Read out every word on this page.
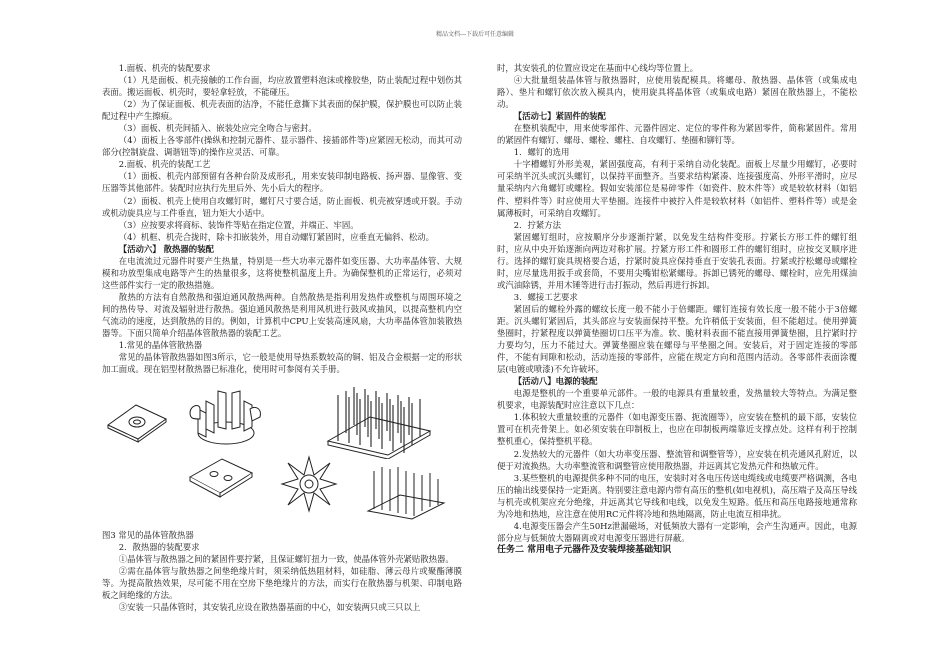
精品文档---下载后可任意编辑

1.面板、机壳的装配要求

（1）凡是面板、机壳接触的工作台面，均应放置塑料泡沫或橡胶垫，防止装配过程中划伤其表面。搬运面板、机壳时，要轻拿轻放，不能碰压。

（2）为了保证面板、机壳表面的洁净，不能任意撕下其表面的保护膜，保护膜也可以防止装配过程中产生擦痕。

（3）面板、机壳间插入、嵌装处应完全吻合与密封。

（4）面板上各零部件(操纵和控制元器件、显示器件、接插部件等)应紧固无松动，而其可动部分(控制旋盘、调谐钮等)的操作应灵活、可靠。

2.面板、机壳的装配工艺

（1）面板、机壳内部预留有各种台阶及成形孔，用来安装印制电路板、扬声器、显像管、变压器等其他部件。装配时应执行先里后外、先小后大的程序。

（2）面板、机壳上使用自攻螺钉时，螺钉尺寸要合适，防止面板、机壳被穿透或开裂。手动或机动旋具应与工件垂直，钮力矩大小适中。

（3）应按要求将商标、装饰件等贴在指定位置，并端正、牢固。

（4）机框、机壳合拢时，除卡扣嵌装外，用自动螺钉紧固时，应垂直无偏斜、松动。

【活动六】 散热器的装配

在电流流过元器件时要产生热量，特别是一些大功率元器件如变压器、大功率晶体管、大规模和功放型集成电路等产生的热量很多，这将使整机温度上升。为确保整机的正常运行，必须对这些部件实行一定的散热措施。

散热的方法有自然散热和强迫通风散热两种。自然散热是指利用发热件或整机与周围环境之间的热传导、对流及辐射进行散热。强迫通风散热是利用风机进行鼓风或抽风，以提高整机内空气流动的速度，达到散热的目的。例如，计算机中CPU上安装高速风扇，大功率晶体管加装散热器等。下面只简单介绍晶体管散热器的装配工艺。

1.常见的晶体管散热器

常见的晶体管散热器如图3所示，它一般是使用导热系数较高的铜、铝及合金根据一定的形状加工面成。现在铝型材散热器已标准化，使用时可参阅有关手册。

图3 常见的晶体管散热器

2．散热器的装配要求

①晶体管与散热器之间的紧固件要拧紧，且保证螺钉扭力一致，使晶体管外壳紧贴散热器。

②需在晶体管与散热器之间垫绝缘片时，须采纳低热阻材料，如硅脂、薄云母片或聚酯薄膜等。为提高散热效果，尽可能不用在空房下垫绝缘片的方法，而实行在散热器与机架、印制电路板之间绝缘的方法。

③安装一只晶体管时，其安装孔应设在散热器基面的中心，如安装两只或三只以上

时，其安装孔的位置应设定在基面中心线均等位置上。

④大批量组装晶体管与散热器时，应使用装配模具。将螺母、散热器、晶体管（或集成电路）、垫片和螺钉依次放入模具内，使用旋具将晶体管（或集成电路）紧固在散热器上，不能松动。

【活动七】紧固件的装配

在整机装配中，用来使零部件、元器件固定、定位的零件称为紧固零件，简称紧固件。常用的紧固件有螺钉、螺母、螺栓、螺柱、自攻螺钉、垫圈和铆钉等。

1．螺钉的选用

十字槽螺钉外形美观，紧固强度高，有利于采纳自动化装配。面板上尽量少用螺钉，必要时可采纳半沉头或沉头螺钉，以保持平面整齐。当要求结构紧凑、连接强度高、外形平滑时，应尽量采纳内六角螺钉或螺栓。假如安装部位是易碎零件（如瓷件、胶木件等）或是较软材料（如铝件、塑料件等）时应使用大平垫圈。连接件中被拧入件是较软材料（如铝件、塑料件等）或是金属薄板时，可采纳自攻螺钉。

2．拧紧方法

紧固螺钉组时，应按顺序分步逐渐拧紧，以免发生结构件变形。拧紧长方形工件的螺钉组时，应从中央开始逐渐向两边对称扩展。拧紧方形工件和圆形工件的螺钉组时，应按交叉顺序进行。选择的螺钉旋具规格要合适，拧紧时旋具应保持垂直于安装孔表面。拧紧或拧松螺母或螺栓时，应尽量选用扳手或套筒，不要用尖嘴钳松紧螺母。拆卸已锈死的螺母、螺栓时，应先用煤油或汽油除锈，并用木锤等进行击打振动，然后再进行拆卸。

3．螺接工艺要求

紧固后的螺栓外露的螺纹长度一般不能小于倍螺距。螺钉连接有效长度一般不能小于3倍螺距。沉头螺钉紧固后，其头部应与安装面保持平整。允许稍低于安装面，但不能超过。使用弹簧垫圈时，拧紧程度以弹簧垫圈切口压平为准。软、脆材料表面不能直接用弹簧垫圈，且拧紧时拧力要均匀，压力不能过大。弹簧垫圈应装在螺母与平垫圈之间。安装后，对于固定连接的零部件，不能有间隙和松动，活动连接的零部件，应能在规定方向和范围内活动。各零部件表面涂覆层(电镀或喷漆)不允许破坏。

【活动八】电源的装配

电源是整机的一个重要单元部件。一般的电源具有重量较重，发热量较大等特点。为满足整机要求，电源装配时应注意以下几点：

1.体积较大重量较重的元器件（如电源变压器、扼流圈等），应安装在整机的最下部，安装位置可在机壳骨架上。如必须安装在印制板上，也应在印制板两端靠近支撑点处。这样有利于控制整机重心，保持整机平稳。

2.发热较大的元器件（如大功率变压器、整流管和调整管等），应安装在机壳通风孔附近，以便于对流换热。大功率整流管和调整管应使用散热器，并远离其它发热元件和热敏元件。

3.某些整机的电源提供多种不同的电压，安装时对各电压传送电缆线或电缆要严格调测，各电压的输出线要保持一定距离。特别要注意电源内带有高压的整机(如电视机)，高压端子及高压导线与机壳或机架应充分绝缘，并远离其它导线和电线，以免发生短路。低压和高压电路接地通常称为冷地和热地，应注意在使用RC元件将冷地和热地隔离，防止电流互相串扰。

4.电源变压器会产生50Hz泄漏磁场，对低频放大器有一定影响，会产生沟通声。因此，电源部分应与低频放大器隔离或对电源变压器进行屏蔽。

任务二 常用电子元器件及安装焊接基础知识
